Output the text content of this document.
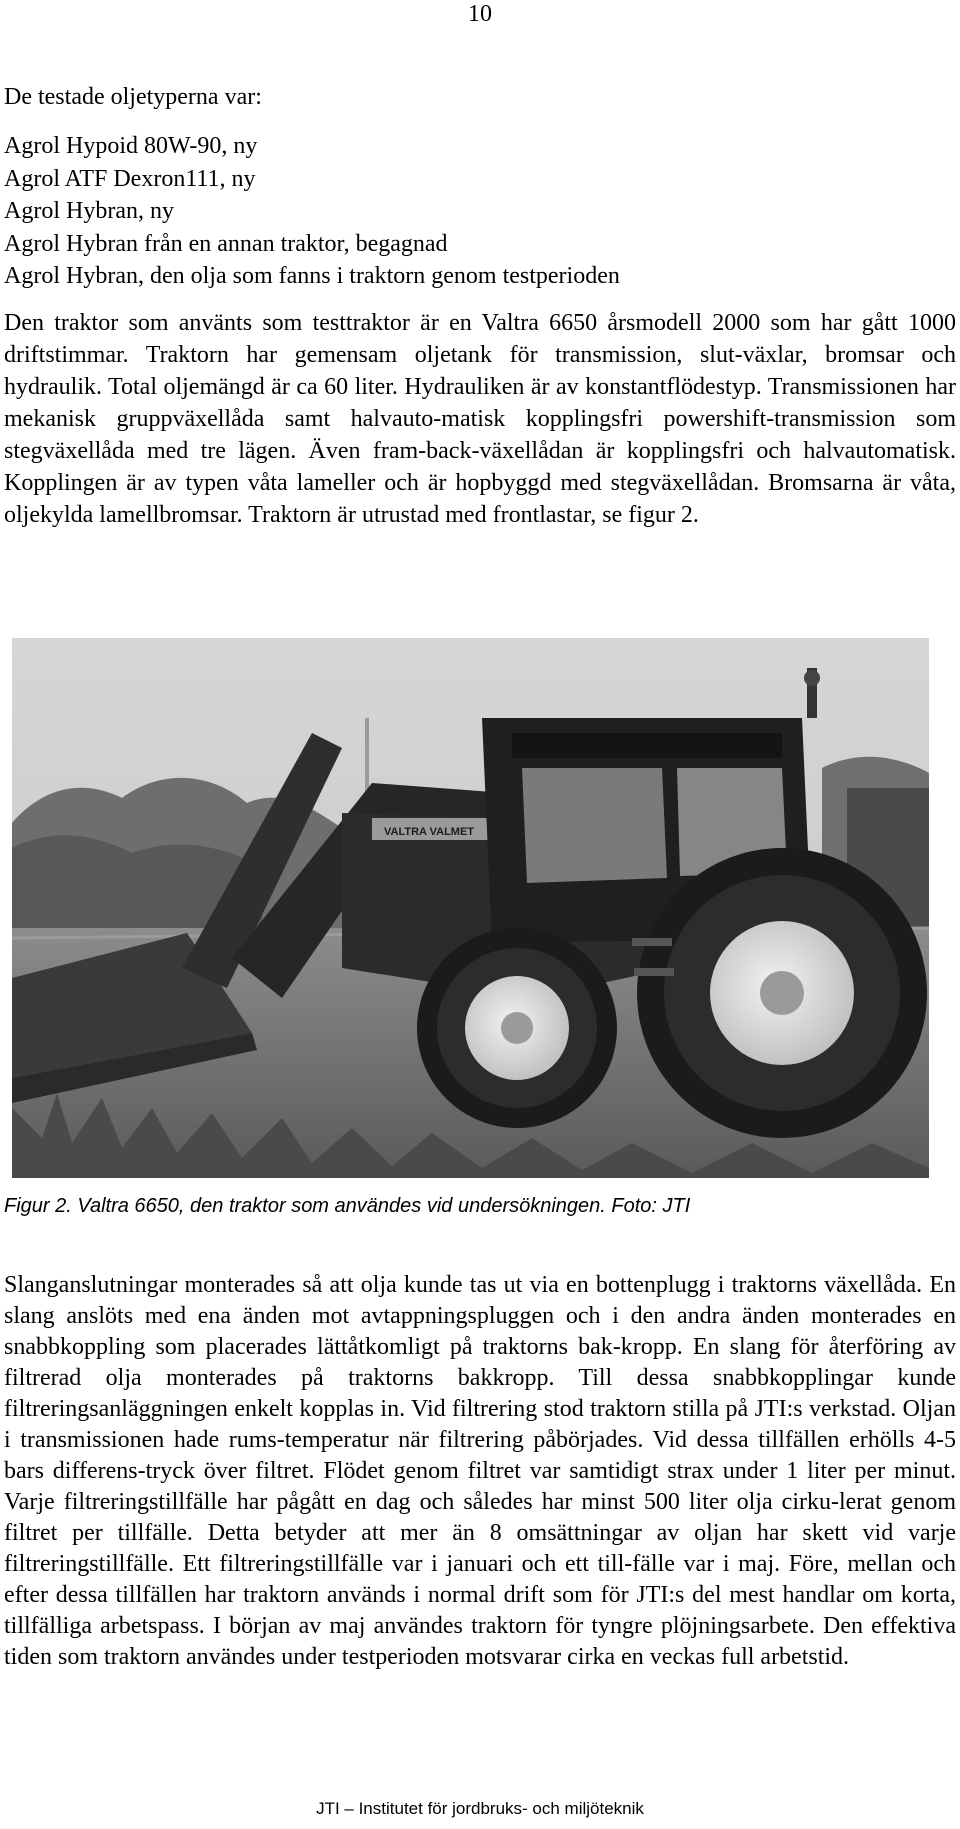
10
De testade oljetyperna var:
Agrol Hypoid 80W-90, ny
Agrol ATF Dexron111, ny
Agrol Hybran, ny
Agrol Hybran från en annan traktor, begagnad
Agrol Hybran, den olja som fanns i traktorn genom testperioden

Den traktor som använts som testtraktor är en Valtra 6650 årsmodell 2000 som har gått 1000 driftstimmar. Traktorn har gemensam oljetank för transmission, slut-växlar, bromsar och hydraulik. Total oljemängd är ca 60 liter. Hydrauliken är av konstantflödestyp. Transmissionen har mekanisk gruppväxellåda samt halvauto-matisk kopplingsfri powershift-transmission som stegväxellåda med tre lägen. Även fram-back-växellådan är kopplingsfri och halvautomatisk. Kopplingen är av typen våta lameller och är hopbyggd med stegväxellådan. Bromsarna är våta, oljekylda lamellbromsar. Traktorn är utrustad med frontlastar, se figur 2.

VALTRA VALMET
Figur 2. Valtra 6650, den traktor som användes vid undersökningen. Foto: JTI

Slanganslutningar monterades så att olja kunde tas ut via en bottenplugg i traktorns växellåda. En slang anslöts med ena änden mot avtappningspluggen och i den andra änden monterades en snabbkoppling som placerades lättåtkomligt på traktorns bak-kropp. En slang för återföring av filtrerad olja monterades på traktorns bakkropp. Till dessa snabbkopplingar kunde filtreringsanläggningen enkelt kopplas in. Vid filtrering stod traktorn stilla på JTI:s verkstad. Oljan i transmissionen hade rums-temperatur när filtrering påbörjades. Vid dessa tillfällen erhölls 4-5 bars differens-tryck över filtret. Flödet genom filtret var samtidigt strax under 1 liter per minut. Varje filtreringstillfälle har pågått en dag och således har minst 500 liter olja cirku-lerat genom filtret per tillfälle. Detta betyder att mer än 8 omsättningar av oljan har skett vid varje filtreringstillfälle. Ett filtreringstillfälle var i januari och ett till-fälle var i maj. Före, mellan och efter dessa tillfällen har traktorn används i normal drift som för JTI:s del mest handlar om korta, tillfälliga arbetspass. I början av maj användes traktorn för tyngre plöjningsarbete. Den effektiva tiden som traktorn användes under testperioden motsvarar cirka en veckas full arbetstid.

JTI – Institutet för jordbruks- och miljöteknik
